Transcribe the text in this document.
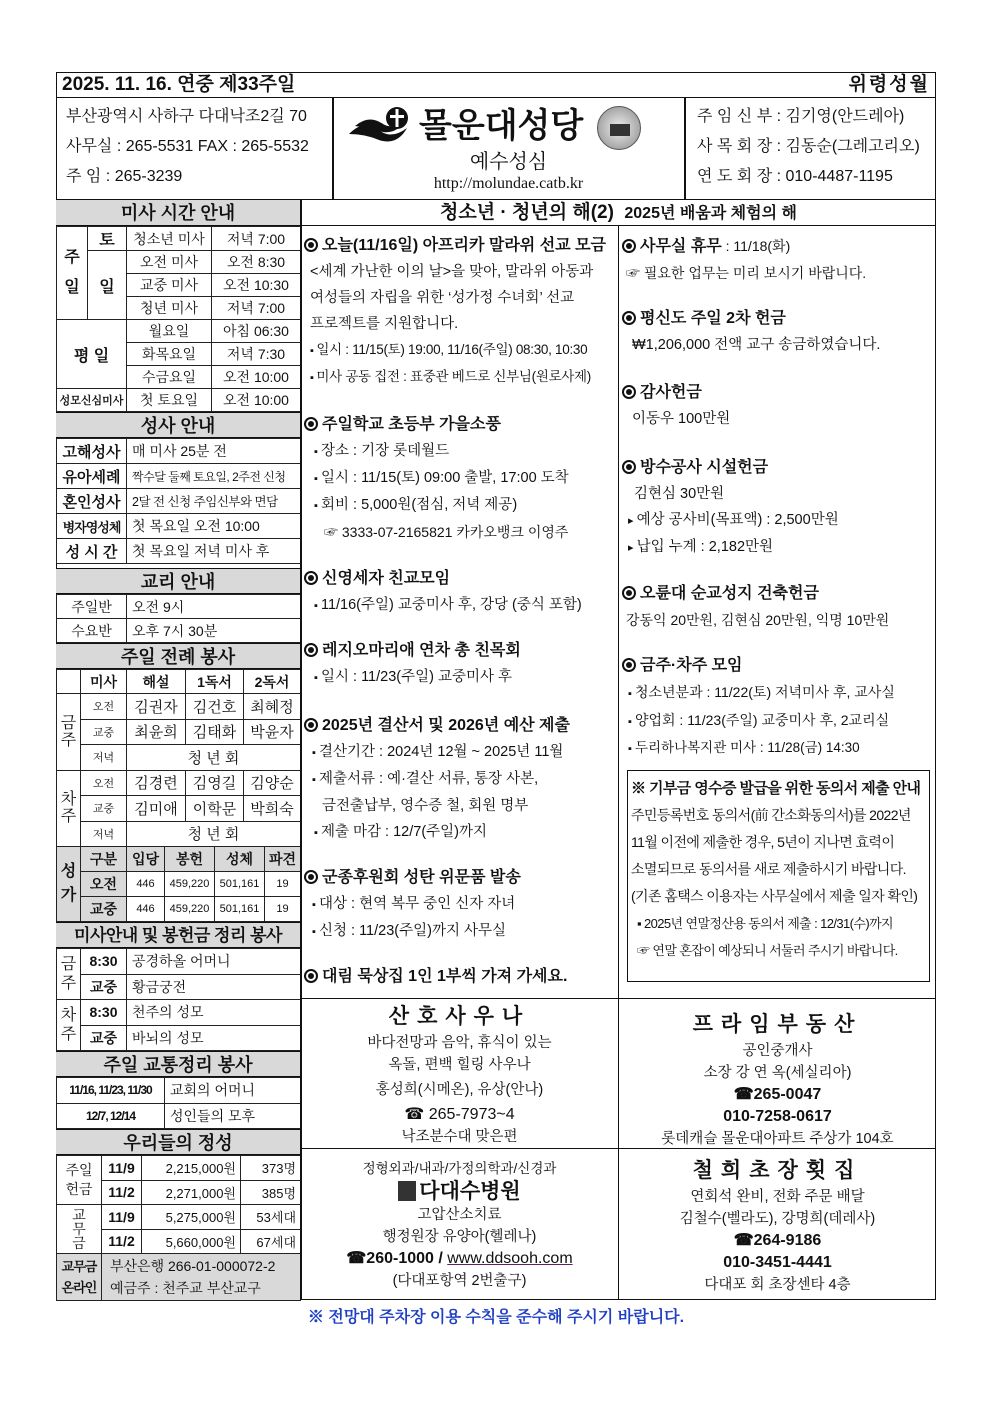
2025. 11. 16. 연중 제33주일	위령성월
부산광역시 사하구 다대낙조2길 70
사무실 : 265-5531 FAX : 265-5532
주 임 : 265-3239
몰운대성당
예수성심
http://molundae.catb.kr
주 임 신 부 : 김기영(안드레아)
사 목 회 장 : 김동순(그레고리오)
연 도 회 장 : 010-4487-1195
청소년 · 청년의 해(2) 2025년 배움과 체험의 해
미사 시간 안내
주일	토	청소년 미사	저녁 7:00
	일	오전 미사	오전 8:30
		교중 미사	오전 10:30
		청년 미사	저녁 7:00
평 일		월요일	아침 06:30
		화목요일	저녁 7:30
		수금요일	오전 10:00
성모신심미사		첫 토요일	오전 10:00
성사 안내
고해성사	매 미사 25분 전
유아세례	짝수달 둘째 토요일, 2주전 신청
혼인성사	2달 전 신청 주임신부와 면담
병자영성체	첫 목요일 오전 10:00
성 시 간	첫 목요일 저녁 미사 후
교리 안내
주일반	오전 9시
수요반	오후 7시 30분
주일 전례 봉사
	미사	해설	1독서	2독서
금주	오전	김권자	김건호	최혜정
	교중	최윤희	김태화	박윤자
	저녁	청 년 회		
차주	오전	김경련	김영길	김양순
	교중	김미애	이학문	박희숙
	저녁	청 년 회		
성가	구분	입당	봉헌	성체	파견
	오전	446	459,220	501,161	19
	교중	446	459,220	501,161	19
미사안내 및 봉헌금 정리 봉사
금주	8:30	공경하올 어머니
	교중	황금궁전
차주	8:30	천주의 성모
	교중	바뇌의 성모
주일 교통정리 봉사
11/16, 11/23, 11/30	교회의 어머니
12/7, 12/14	성인들의 모후
우리들의 정성
주일헌금	11/9	2,215,000원	373명
	11/2	2,271,000원	385명
교무금	11/9	5,275,000원	53세대
	11/2	5,660,000원	67세대
교무금온라인	부산은행 266-01-000072-2
예금주 : 천주교 부산교구		
오늘(11/16일) 아프리카 말라위 선교 모금

<세계 가난한 이의 날>을 맞아, 말라위 아동과

여성들의 자립을 위한 ‘성가정 수녀회’ 선교

프로젝트를 지원합니다.

▪ 일시 : 11/15(토) 19:00, 11/16(주일) 08:30, 10:30

▪ 미사 공동 집전 : 표중관 베드로 신부님(원로사제)

주일학교 초등부 가을소풍

▪ 장소 : 기장 롯데월드

▪ 일시 : 11/15(토) 09:00 출발, 17:00 도착

▪ 회비 : 5,000원(점심, 저녁 제공)

☞ 3333-07-2165821 카카오뱅크 이영주

신영세자 친교모임

▪ 11/16(주일) 교중미사 후, 강당 (중식 포함)

레지오마리애 연차 총 친목회

▪ 일시 : 11/23(주일) 교중미사 후

2025년 결산서 및 2026년 예산 제출

▪ 결산기간 : 2024년 12월 ~ 2025년 11월

▪ 제출서류 : 예·결산 서류, 통장 사본,

금전출납부, 영수증 철, 회원 명부

▪ 제출 마감 : 12/7(주일)까지

군종후원회 성탄 위문품 발송

▪ 대상 : 현역 복무 중인 신자 자녀

▪ 신청 : 11/23(주일)까지 사무실

대림 묵상집 1인 1부씩 가져 가세요.
사무실 휴무 : 11/18(화)

☞ 필요한 업무는 미리 보시기 바랍니다.

평신도 주일 2차 헌금

₩1,206,000 전액 교구 송금하였습니다.

감사헌금

이동우 100만원

방수공사 시설헌금

김현심 30만원

▸ 예상 공사비(목표액) : 2,500만원

▸ 납입 누계 : 2,182만원

오륜대 순교성지 건축헌금

강동익 20만원, 김현심 20만원, 익명 10만원

금주·차주 모임

▪ 청소년분과 : 11/22(토) 저녁미사 후, 교사실

▪ 양업회 : 11/23(주일) 교중미사 후, 2교리실

▪ 두리하나복지관 미사 : 11/28(금) 14:30

※ 기부금 영수증 발급을 위한 동의서 제출 안내
주민등록번호 동의서(前 간소화동의서)를 2022년
11월 이전에 제출한 경우, 5년이 지나면 효력이
소멸되므로 동의서를 새로 제출하시기 바랍니다.
(기존 홈택스 이용자는 사무실에서 제출 일자 확인)
▪ 2025년 연말정산용 동의서 제출 : 12/31(수)까지
☞ 연말 혼잡이 예상되니 서둘러 주시기 바랍니다.
산호사우나
바다전망과 음악, 휴식이 있는
옥돌, 편백 힐링 사우나
홍성희(시메온), 유상(안나)
☎ 265-7973~4
낙조분수대 맞은편
프라임부동산
공인중개사
소장 강 연 옥(세실리아)
☎265-0047
010-7258-0617
롯데캐슬 몰운대아파트 주상가 104호
정형외과/내과/가정의학과/신경과
다대수병원
고압산소치료
행정원장 유양아(헬레나)
☎260-1000 / www.ddsooh.com
(다대포항역 2번출구)
철희초장횟집
연회석 완비, 전화 주문 배달
김철수(벨라도), 강명희(데레사)
☎264-9186
010-3451-4441
다대포 회 초장센타 4층
※ 전망대 주차장 이용 수칙을 준수해 주시기 바랍니다.
